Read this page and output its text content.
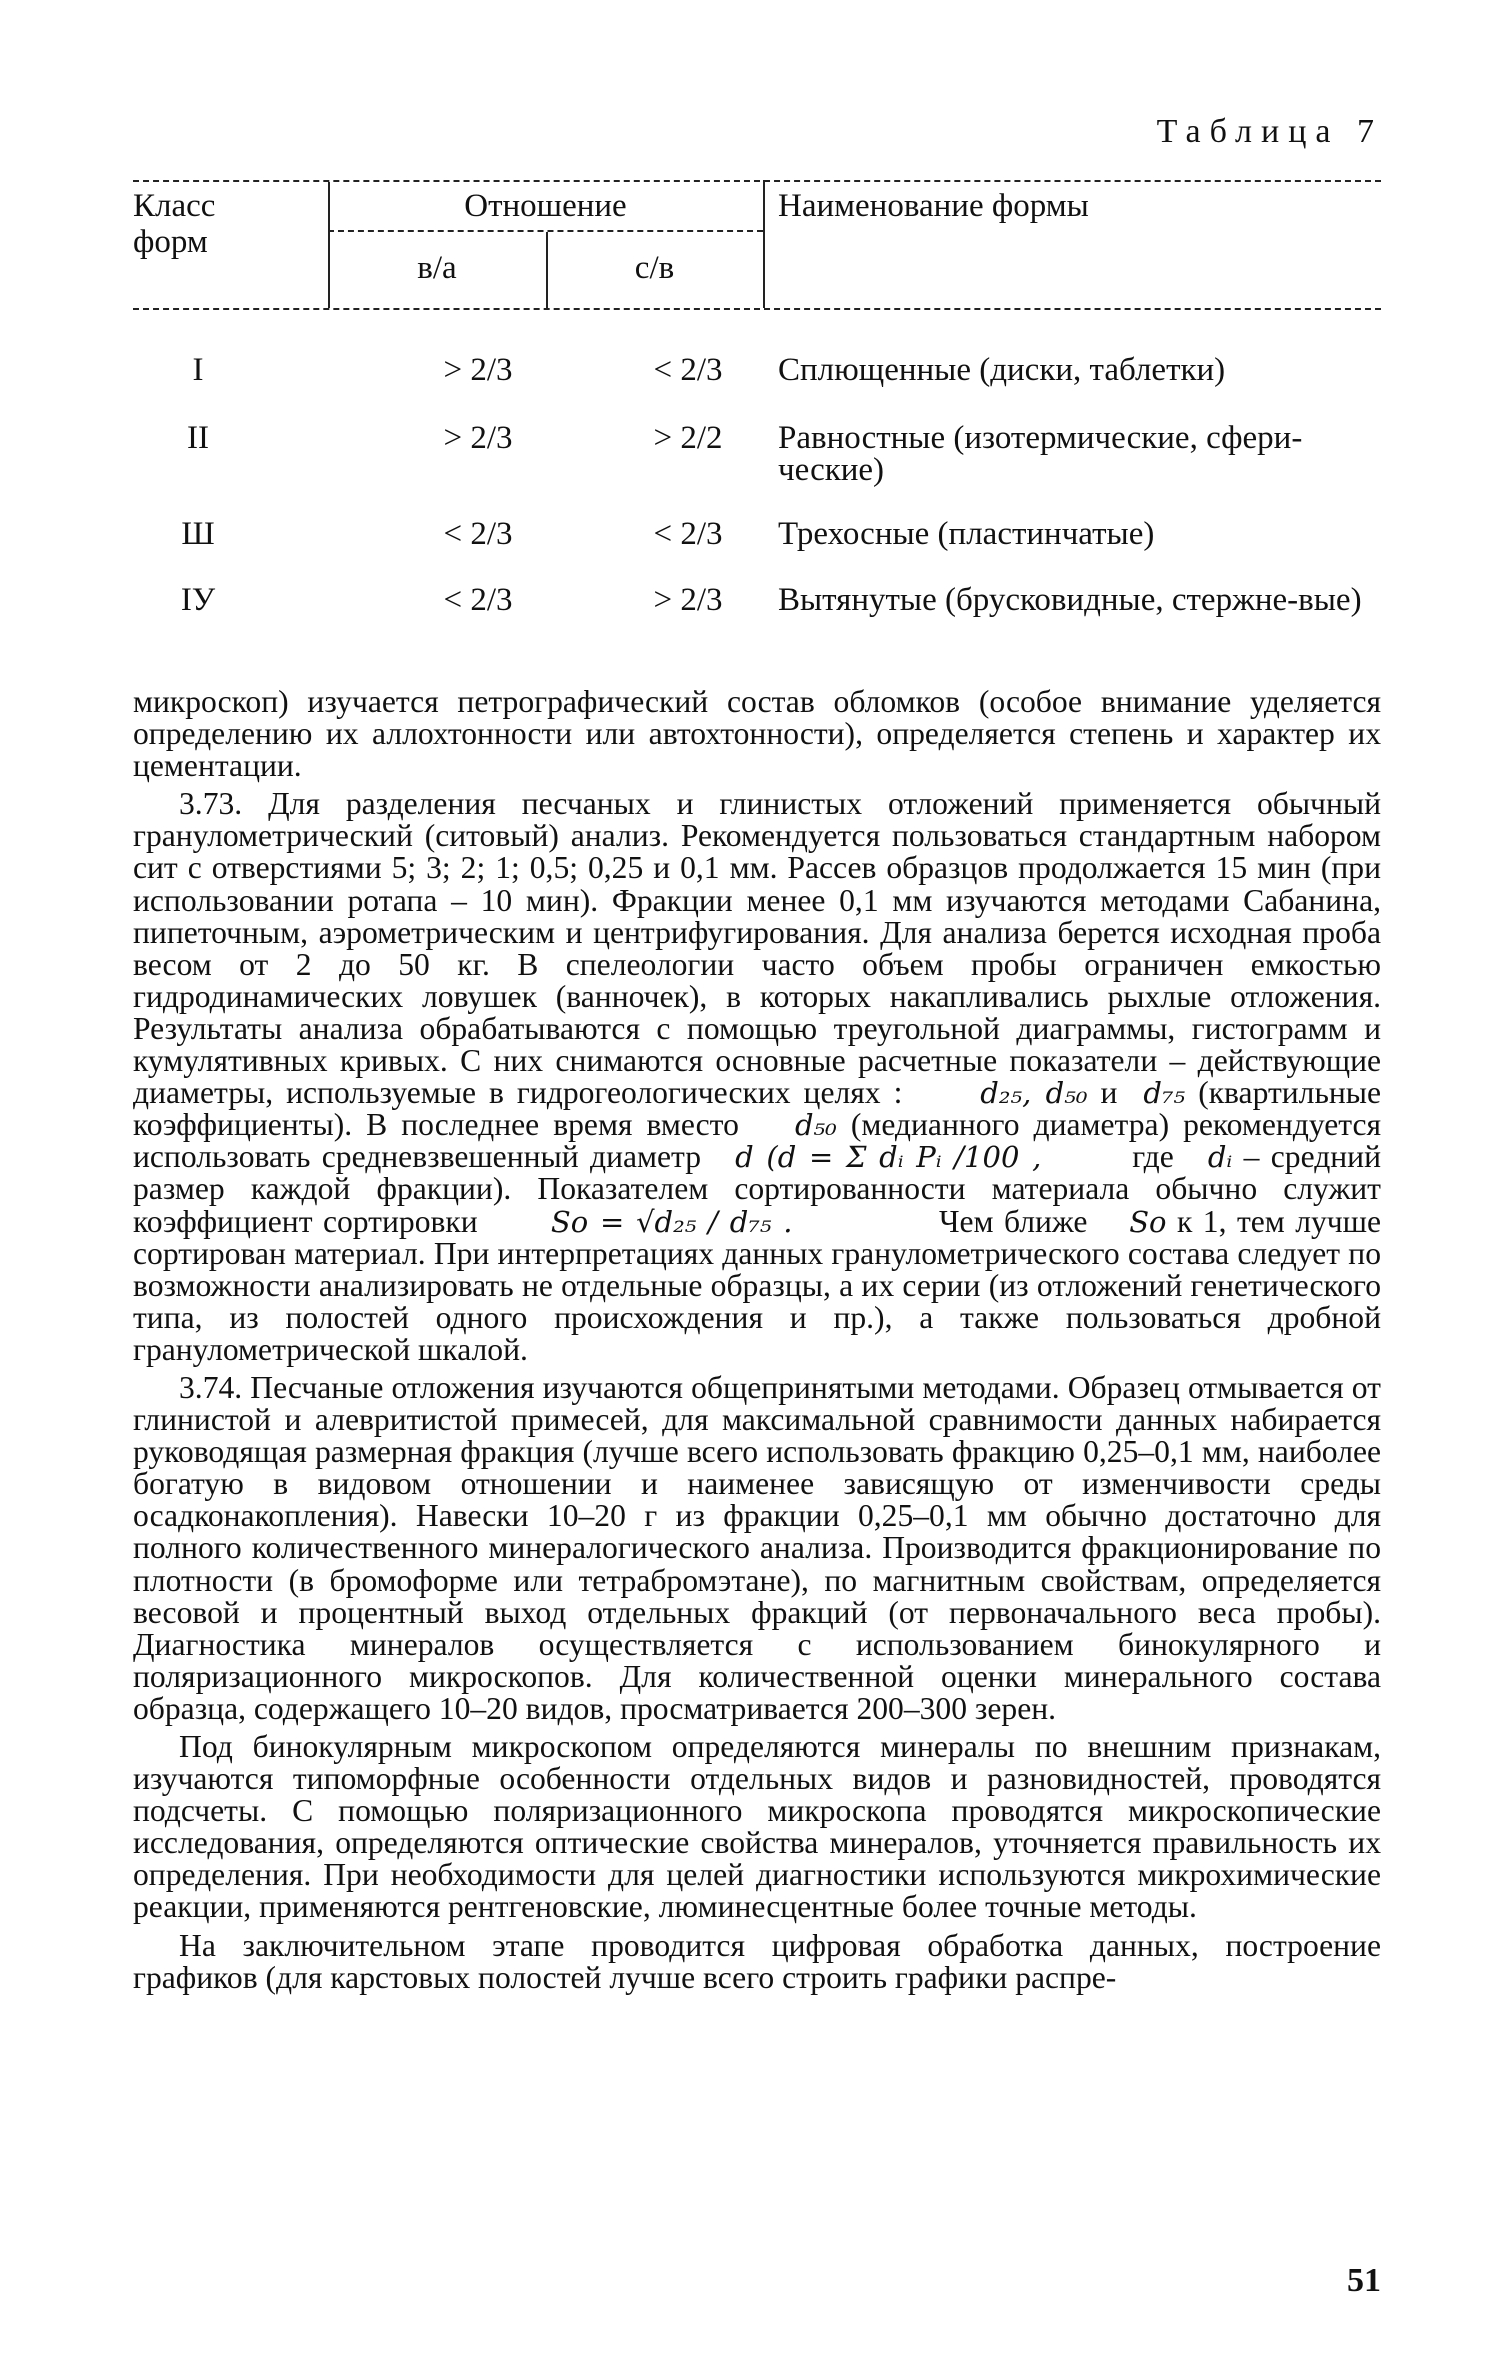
Таблица 7
Класс
форм
Отношение
в/а	с/в
Наименование формы
I	> 2/3	< 2/3	Сплющенные (диски, таблетки)
II	> 2/3	> 2/2	Равностные (изотермические, сфери-ческие)
Ш	< 2/3	< 2/3	Трехосные (пластинчатые)
IУ	< 2/3	> 2/3	Вытянутые (брусковидные, стержне-вые)

микроскоп) изучается петрографический состав обломков (особое внимание уделяется определению их аллохтонности или автохтонности), определяется степень и характер их цементации.

3.73. Для разделения песчаных и глинистых отложений применяется обычный гранулометрический (ситовый) анализ. Рекомендуется пользоваться стандартным набором сит с отверстиями 5; 3; 2; 1; 0,5; 0,25 и 0,1 мм. Рассев образцов продолжается 15 мин (при использовании ротапа – 10 мин). Фракции менее 0,1 мм изучаются методами Сабанина, пипеточным, аэрометрическим и центрифугирования. Для анализа берется исходная проба весом от 2 до 50 кг. В спелеологии часто объем пробы ограничен емкостью гидродинамических ловушек (ванночек), в которых накапливались рыхлые отложения. Результаты анализа обрабатываются с помощью треугольной диаграммы, гистограмм и кумулятивных кривых. С них снимаются основные расчетные показатели – действующие диаметры, используемые в гидрогеологических целях :	d₂₅, d₅₀ и d₇₅ (квартильные коэффициенты). В последнее время вместо d₅₀ (медианного диаметра) рекомендуется использовать средневзвешенный диаметр d (d = Σ dᵢ Pᵢ /100 ,	где dᵢ – средний размер каждой фракции). Показателем сортированности материала обычно служит коэффициент сортировки	So = √d₂₅ / d₇₅ .	Чем ближе So к 1, тем лучше сортирован материал. При интерпретациях данных гранулометрического состава следует по возможности анализировать не отдельные образцы, а их серии (из отложений генетического типа, из полостей одного происхождения и пр.), а также пользоваться дробной гранулометрической шкалой.

3.74. Песчаные отложения изучаются общепринятыми методами. Образец отмывается от глинистой и алевритистой примесей, для максимальной сравнимости данных набирается руководящая размерная фракция (лучше всего использовать фракцию 0,25–0,1 мм, наиболее богатую в видовом отношении и наименее зависящую от изменчивости среды осадконакопления). Навески 10–20 г из фракции 0,25–0,1 мм обычно достаточно для полного количественного минералогического анализа. Производится фракционирование по плотности (в бромоформе или тетрабромэтане), по магнитным свойствам, определяется весовой и процентный выход отдельных фракций (от первоначального веса пробы). Диагностика минералов осуществляется с использованием бинокулярного и поляризационного микроскопов. Для количественной оценки минерального состава образца, содержащего 10–20 видов, просматривается 200–300 зерен.

Под бинокулярным микроскопом определяются минералы по внешним признакам, изучаются типоморфные особенности отдельных видов и разновидностей, проводятся подсчеты. С помощью поляризационного микроскопа проводятся микроскопические исследования, определяются оптические свойства минералов, уточняется правильность их определения. При необходимости для целей диагностики используются микрохимические реакции, применяются рентгеновские, люминесцентные более точные методы.

На заключительном этапе проводится цифровая обработка данных, построение графиков (для карстовых полостей лучше всего строить графики распре-

51
